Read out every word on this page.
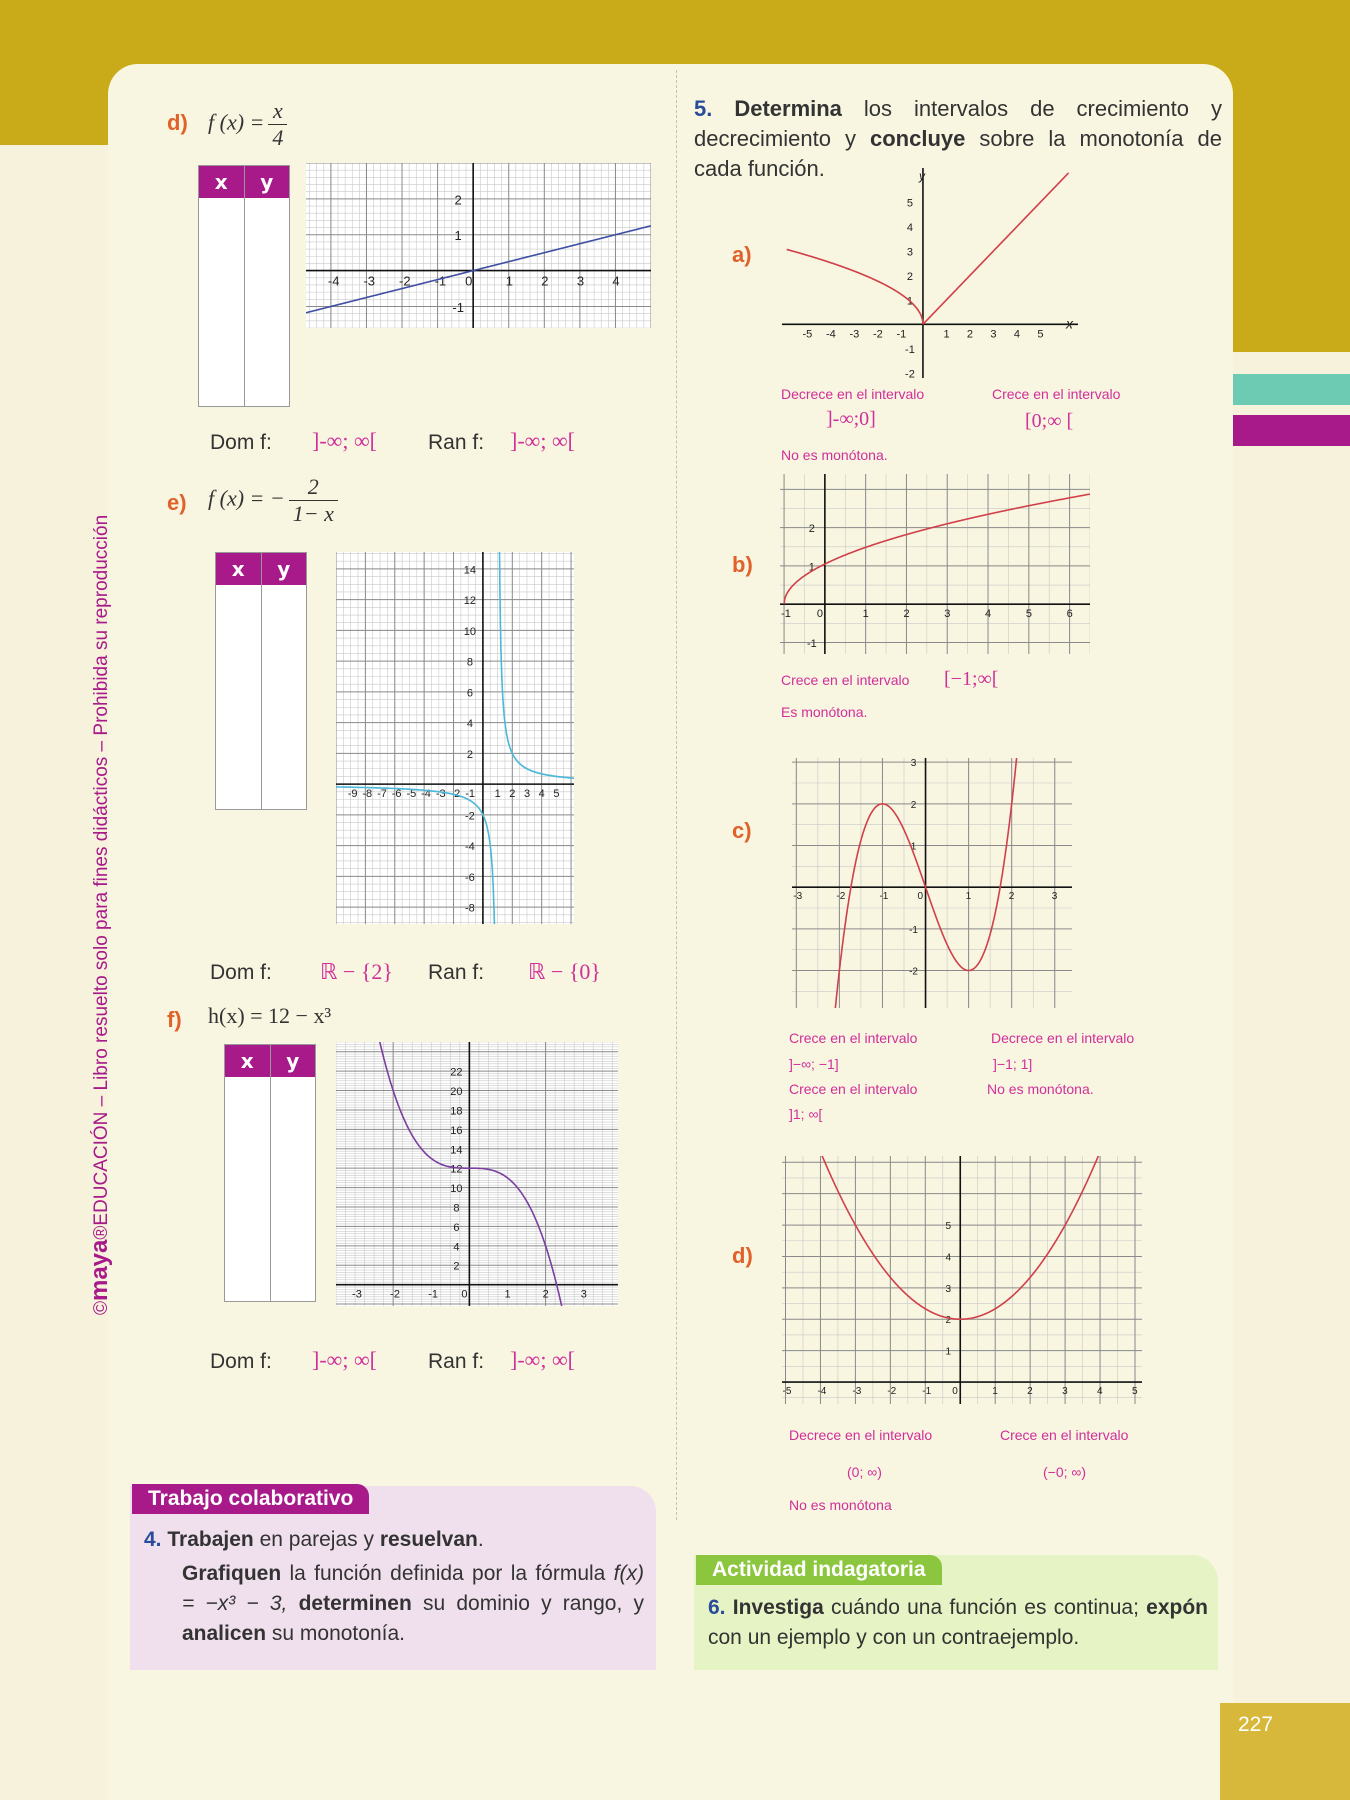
©maya®EDUCACIÓN – Libro resuelto solo para fines didácticos – Prohibida su reproducción
d) f $(x) = \frac{x}{4}$
x	y
-4 -3 -2 -1 0	1 2 3 4
2
1
-1
Dom f: ]-∞; ∞[ Ran f: ]-∞; ∞[
e) f (x) = − $\frac{2}{1- x}$
x	y
-9 -8 -7 -6 -5 -4 -3 -2 -1 1 2 3 4 5
14
12
10
8
6
4
2
-2
-4
-6
-8
Dom f: ℝ − {2} Ran f: ℝ − {0}
f) h(x) = 12 − x³
x	y
-3	-2	-1 0	1	2	3
22
20
18
16
14
12
10
8
6
4
2
Dom f: ]-∞; ∞[ Ran f: ]-∞; ∞[
5. Determina los intervalos de crecimiento y decrecimiento y concluye sobre la monotonía de cada función.
a)
-5 -4 -3 -2 -1	1 2 3 4 5
5
4
3
2
1
-1
-2
x
y
Decrece en el intervalo
]-∞;0]
Crece en el intervalo
[0;∞ [
No es monótona.
b)
-1 0	1	2	3	4	5	6
2
1
-1
Crece en el intervalo [−1;∞[
Es monótona.
c)
-3	-2	-1	0	1	2	3
3
2
1
-1
-2
Crece en el intervalo
]−∞; −1]
Decrece en el intervalo
]−1; 1]
Crece en el intervalo	No es monótona.
]1; ∞[
d)
-5	-4	-3	-2	-1 0	1	2	3	4	5
5
4
3
2
1
Decrece en el intervalo
(0; ∞)
Crece en el intervalo
(−0; ∞)
No es monótona
Trabajo colaborativo
4. Trabajen en parejas y resuelvan.
Grafiquen la función definida por la fórmula f(x) = −x³ − 3, determinen su dominio y rango, y analicen su monotonía.
Actividad indagatoria
6. Investiga cuándo una función es continua; expón con un ejemplo y con un contraejemplo.
227
